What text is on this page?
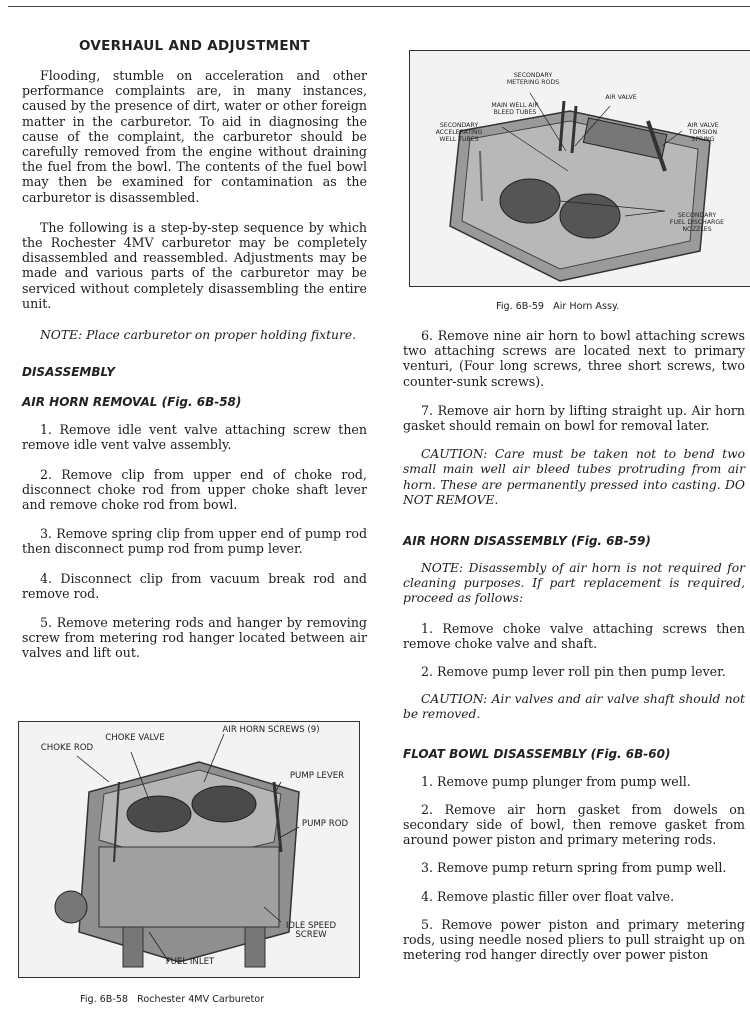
OVERHAUL AND ADJUSTMENT

Flooding, stumble on acceleration and other performance complaints are, in many instances, caused by the presence of dirt, water or other foreign matter in the carburetor. To aid in diagnosing the cause of the complaint, the carburetor should be carefully removed from the engine without draining the fuel from the bowl. The contents of the fuel bowl may then be examined for contamination as the carburetor is disassembled.

The following is a step-by-step sequence by which the Rochester 4MV carburetor may be completely disassembled and reassembled. Adjustments may be made and various parts of the carburetor may be serviced without completely disassembling the entire unit.

NOTE: Place carburetor on proper holding fixture.

DISASSEMBLY
AIR HORN REMOVAL (Fig. 6B-58)

1. Remove idle vent valve attaching screw then remove idle vent valve assembly.

2. Remove clip from upper end of choke rod, disconnect choke rod from upper choke shaft lever and remove choke rod from bowl.

3. Remove spring clip from upper end of pump rod then disconnect pump rod from pump lever.

4. Disconnect clip from vacuum break rod and remove rod.

5. Remove metering rods and hanger by removing screw from metering rod hanger located between air valves and lift out.

SECONDARY
METERING RODS
AIR VALVE
MAIN WELL AIR
BLEED TUBES
SECONDARY
ACCELERATING
WELL TUBES
AIR VALVE
TORSION
SPRING
SECONDARY
FUEL DISCHARGE
NOZZLES
Fig. 6B-59   Air Horn Assy.
CHOKE VALVE
AIR HORN SCREWS (9)
CHOKE ROD
PUMP LEVER
PUMP ROD
IDLE SPEED
SCREW
FUEL INLET
Fig. 6B-58   Rochester 4MV Carburetor

6. Remove nine air horn to bowl attaching screws two attaching screws are located next to primary venturi, (Four long screws, three short screws, two counter-sunk screws).

7. Remove air horn by lifting straight up. Air horn gasket should remain on bowl for removal later.

CAUTION: Care must be taken not to bend two small main well air bleed tubes protruding from air horn. These are permanently pressed into casting. DO NOT REMOVE.

AIR HORN DISASSEMBLY (Fig. 6B-59)

NOTE: Disassembly of air horn is not required for cleaning purposes. If part replacement is required, proceed as follows:

1. Remove choke valve attaching screws then remove choke valve and shaft.

2. Remove pump lever roll pin then pump lever.

CAUTION: Air valves and air valve shaft should not be removed.

FLOAT BOWL DISASSEMBLY (Fig. 6B-60)

1. Remove pump plunger from pump well.

2. Remove air horn gasket from dowels on secondary side of bowl, then remove gasket from around power piston and primary metering rods.

3. Remove pump return spring from pump well.

4. Remove plastic filler over float valve.

5. Remove power piston and primary metering rods, using needle nosed pliers to pull straight up on metering rod hanger directly over power piston
